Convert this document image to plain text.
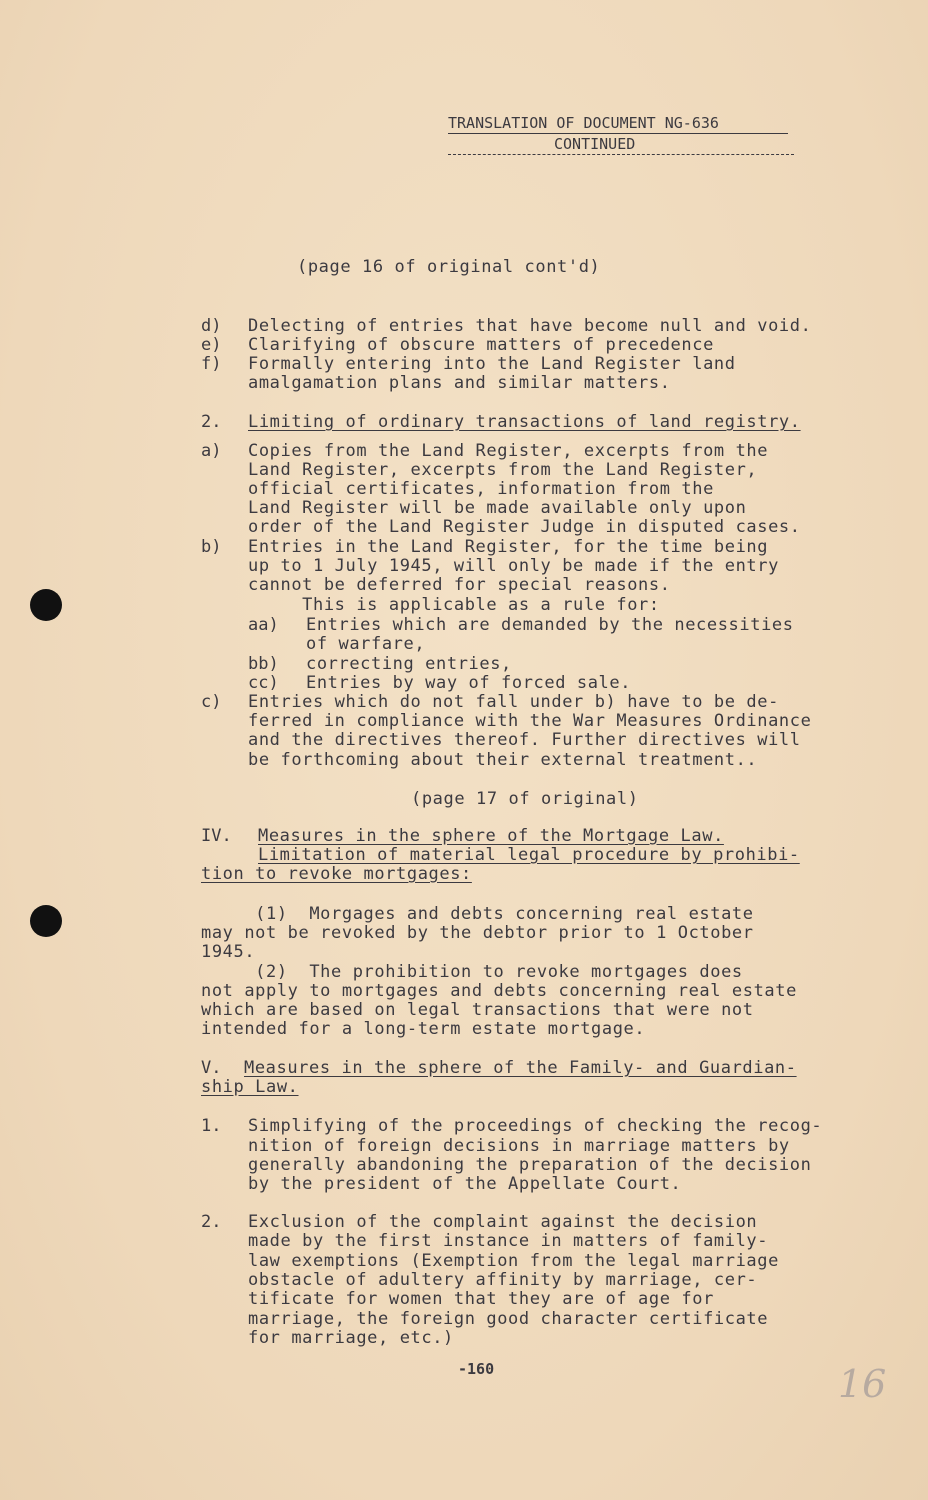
TRANSLATION OF DOCUMENT NG-636
CONTINUED
(page 16 of original cont'd)
d) Delecting of entries that have become null and void.
e) Clarifying of obscure matters of precedence
f) Formally entering into the Land Register land
amalgamation plans and similar matters.
2. Limiting of ordinary transactions of land registry.
a) Copies from the Land Register, excerpts from the
Land Register, excerpts from the Land Register,
official certificates, information from the
Land Register will be made available only upon
order of the Land Register Judge in disputed cases.
b) Entries in the Land Register, for the time being
up to 1 July 1945, will only be made if the entry
cannot be deferred for special reasons.
This is applicable as a rule for:
aa) Entries which are demanded by the necessities
of warfare,
bb) correcting entries,
cc) Entries by way of forced sale.
c) Entries which do not fall under b) have to be de-
ferred in compliance with the War Measures Ordinance
and the directives thereof. Further directives will
be forthcoming about their external treatment..
(page 17 of original)
IV. Measures in the sphere of the Mortgage Law.
Limitation of material legal procedure by prohibi-
tion to revoke mortgages:
(1)  Morgages and debts concerning real estate
may not be revoked by the debtor prior to 1 October
1945.
(2)  The prohibition to revoke mortgages does
not apply to mortgages and debts concerning real estate
which are based on legal transactions that were not
intended for a long-term estate mortgage.
V. Measures in the sphere of the Family- and Guardian-
ship Law.
1. Simplifying of the proceedings of checking the recog-
nition of foreign decisions in marriage matters by
generally abandoning the preparation of the decision
by the president of the Appellate Court.
2. Exclusion of the complaint against the decision
made by the first instance in matters of family-
law exemptions (Exemption from the legal marriage
obstacle of adultery affinity by marriage, cer-
tificate for women that they are of age for
marriage, the foreign good character certificate
for marriage, etc.)
-160	16
